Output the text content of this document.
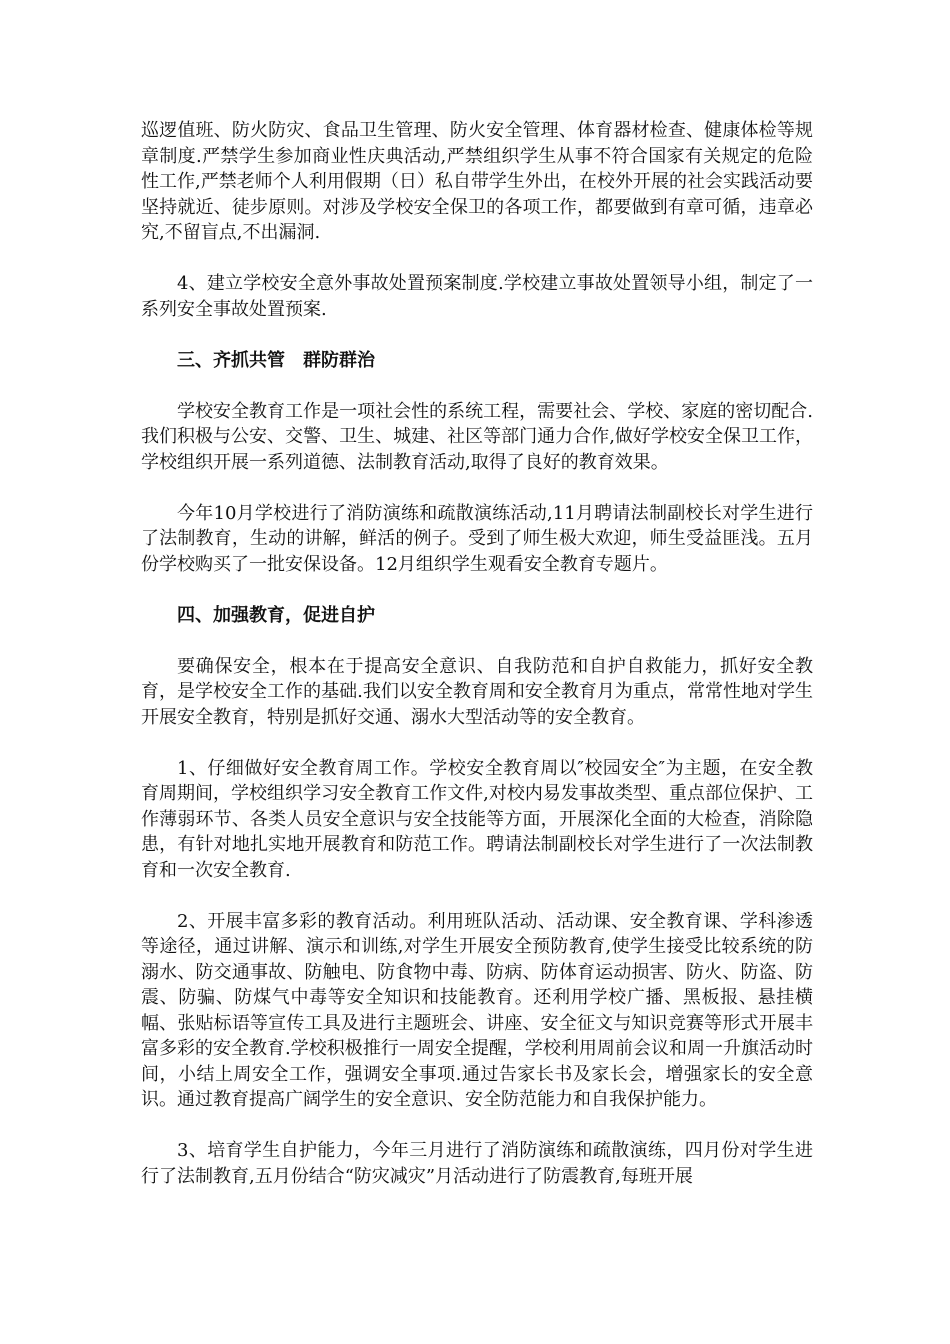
巡逻值班、防火防灾、食品卫生管理、防火安全管理、体育器材检查、健康体检等规章制度.严禁学生参加商业性庆典活动,严禁组织学生从事不符合国家有关规定的危险性工作,严禁老师个人利用假期（日）私自带学生外出，在校外开展的社会实践活动要坚持就近、徒步原则。对涉及学校安全保卫的各项工作，都要做到有章可循，违章必究,不留盲点,不出漏洞.

4、建立学校安全意外事故处置预案制度.学校建立事故处置领导小组，制定了一系列安全事故处置预案.

三、齐抓共管　群防群治

学校安全教育工作是一项社会性的系统工程，需要社会、学校、家庭的密切配合.我们积极与公安、交警、卫生、城建、社区等部门通力合作,做好学校安全保卫工作，学校组织开展一系列道德、法制教育活动,取得了良好的教育效果。

今年10月学校进行了消防演练和疏散演练活动,11月聘请法制副校长对学生进行了法制教育，生动的讲解，鲜活的例子。受到了师生极大欢迎，师生受益匪浅。五月份学校购买了一批安保设备。12月组织学生观看安全教育专题片。

四、加强教育，促进自护

要确保安全，根本在于提高安全意识、自我防范和自护自救能力，抓好安全教育，是学校安全工作的基础.我们以安全教育周和安全教育月为重点，常常性地对学生开展安全教育，特别是抓好交通、溺水大型活动等的安全教育。

1、仔细做好安全教育周工作。学校安全教育周以″校园安全″为主题，在安全教育周期间，学校组织学习安全教育工作文件,对校内易发事故类型、重点部位保护、工作薄弱环节、各类人员安全意识与安全技能等方面，开展深化全面的大检查，消除隐患，有针对地扎实地开展教育和防范工作。聘请法制副校长对学生进行了一次法制教育和一次安全教育.

2、开展丰富多彩的教育活动。利用班队活动、活动课、安全教育课、学科渗透等途径，通过讲解、演示和训练,对学生开展安全预防教育,使学生接受比较系统的防溺水、防交通事故、防触电、防食物中毒、防病、防体育运动损害、防火、防盗、防震、防骗、防煤气中毒等安全知识和技能教育。还利用学校广播、黑板报、悬挂横幅、张贴标语等宣传工具及进行主题班会、讲座、安全征文与知识竞赛等形式开展丰富多彩的安全教育.学校积极推行一周安全提醒，学校利用周前会议和周一升旗活动时间，小结上周安全工作，强调安全事项.通过告家长书及家长会，增强家长的安全意识。通过教育提高广阔学生的安全意识、安全防范能力和自我保护能力。

3、培育学生自护能力，今年三月进行了消防演练和疏散演练，四月份对学生进行了法制教育,五月份结合“防灾减灾”月活动进行了防震教育,每班开展
